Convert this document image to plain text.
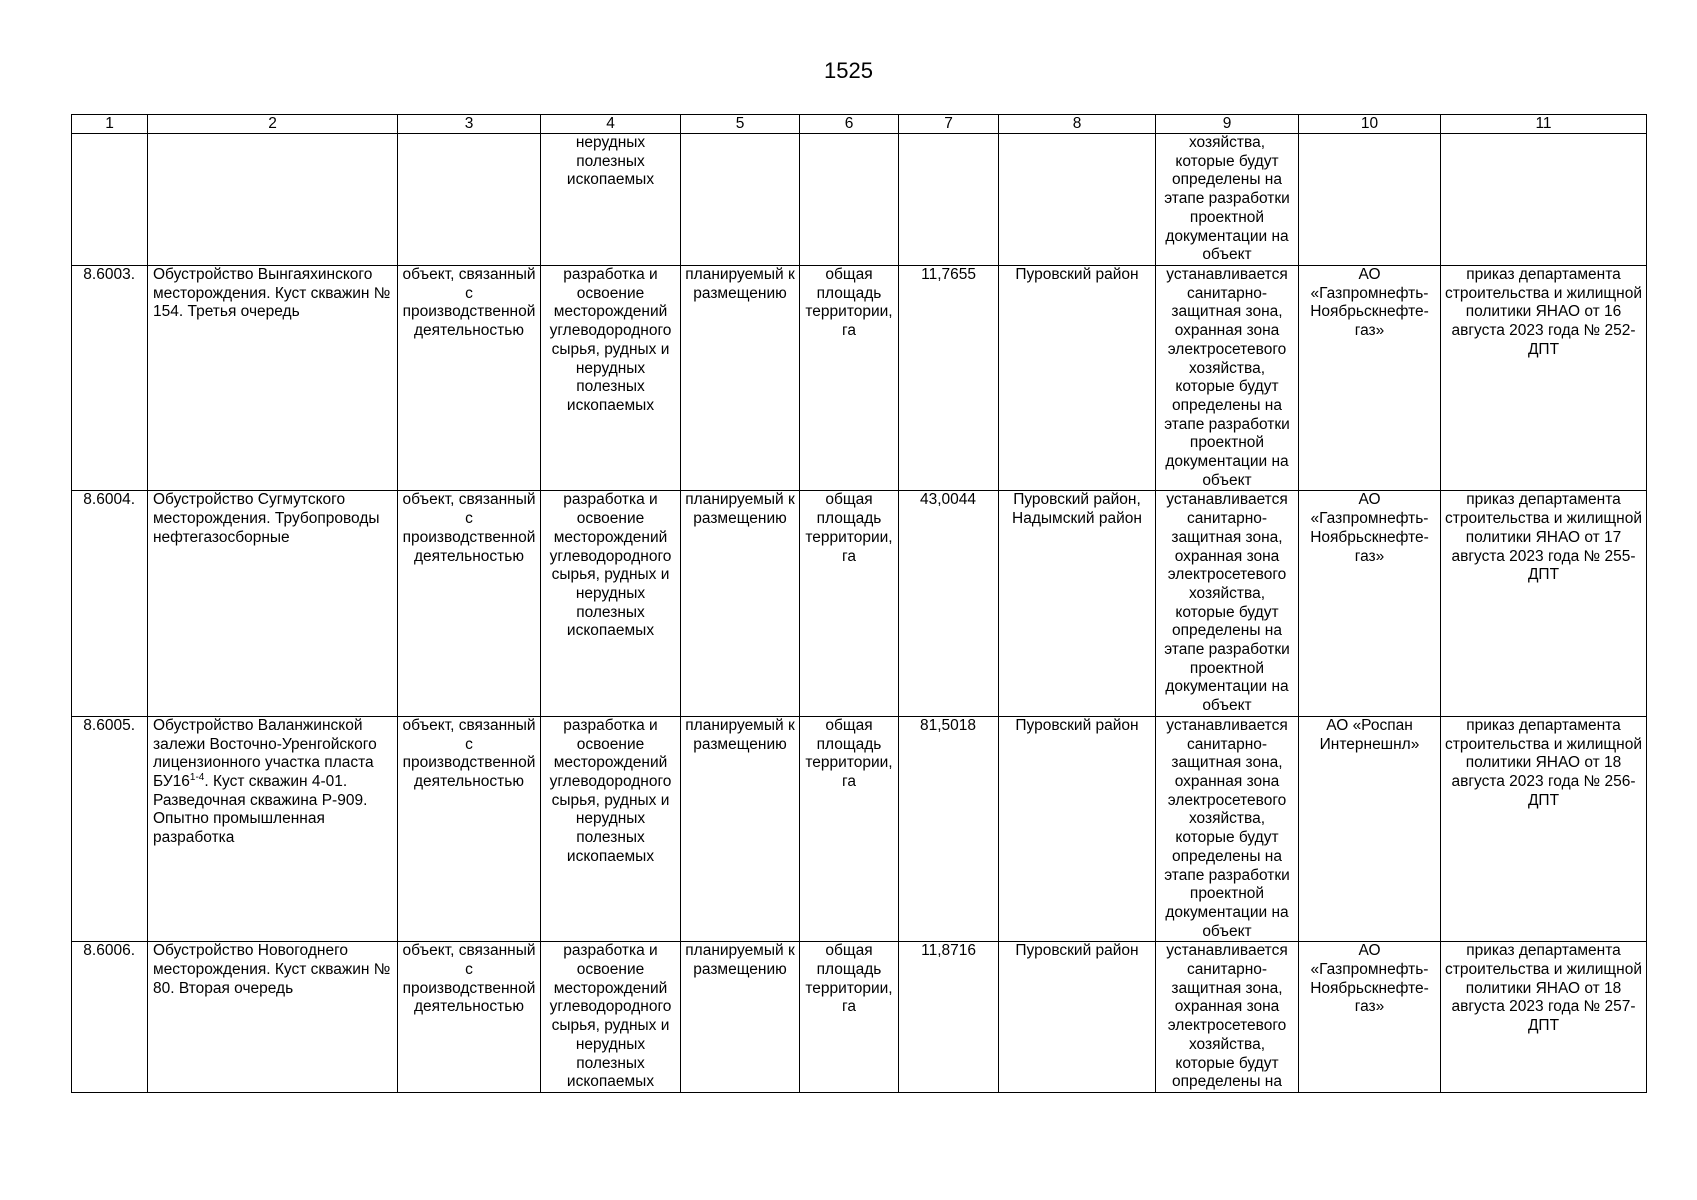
1525
1	2	3	4	5	6	7	8	9	10	11
			нерудных полезных ископаемых					хозяйства, которые будут определены на этапе разработки проектной документации на объект		
8.6003.	Обустройство Вынгаяхинского месторождения. Куст скважин № 154. Третья очередь	объект, связанный с производственной деятельностью	разработка и освоение месторождений углеводородного сырья, рудных и нерудных полезных ископаемых	планируемый к размещению	общая площадь территории, га	11,7655	Пуровский район	устанавливается санитарно-защитная зона, охранная зона электросетевого хозяйства, которые будут определены на этапе разработки проектной документации на объект	АО «Газпромнефть-Ноябрьскнефте-газ»	приказ департамента строительства и жилищной политики ЯНАО от 16 августа 2023 года № 252-ДПТ
8.6004.	Обустройство Сугмутского месторождения. Трубопроводы нефтегазосборные	объект, связанный с производственной деятельностью	разработка и освоение месторождений углеводородного сырья, рудных и нерудных полезных ископаемых	планируемый к размещению	общая площадь территории, га	43,0044	Пуровский район, Надымский район	устанавливается санитарно-защитная зона, охранная зона электросетевого хозяйства, которые будут определены на этапе разработки проектной документации на объект	АО «Газпромнефть-Ноябрьскнефте-газ»	приказ департамента строительства и жилищной политики ЯНАО от 17 августа 2023 года № 255-ДПТ
8.6005.	Обустройство Валанжинской залежи Восточно-Уренгойского лицензионного участка пласта БУ16$^{1-4}$. Куст скважин 4-01. Разведочная скважина Р-909. Опытно промышленная разработка	объект, связанный с производственной деятельностью	разработка и освоение месторождений углеводородного сырья, рудных и нерудных полезных ископаемых	планируемый к размещению	общая площадь территории, га	81,5018	Пуровский район	устанавливается санитарно-защитная зона, охранная зона электросетевого хозяйства, которые будут определены на этапе разработки проектной документации на объект	АО «Роспан Интернешнл»	приказ департамента строительства и жилищной политики ЯНАО от 18 августа 2023 года № 256-ДПТ
8.6006.	Обустройство Новогоднего месторождения. Куст скважин № 80. Вторая очередь	объект, связанный с производственной деятельностью	разработка и освоение месторождений углеводородного сырья, рудных и нерудных полезных ископаемых	планируемый к размещению	общая площадь территории, га	11,8716	Пуровский район	устанавливается санитарно-защитная зона, охранная зона электросетевого хозяйства, которые будут определены на	АО «Газпромнефть-Ноябрьскнефте-газ»	приказ департамента строительства и жилищной политики ЯНАО от 18 августа 2023 года № 257-ДПТ
